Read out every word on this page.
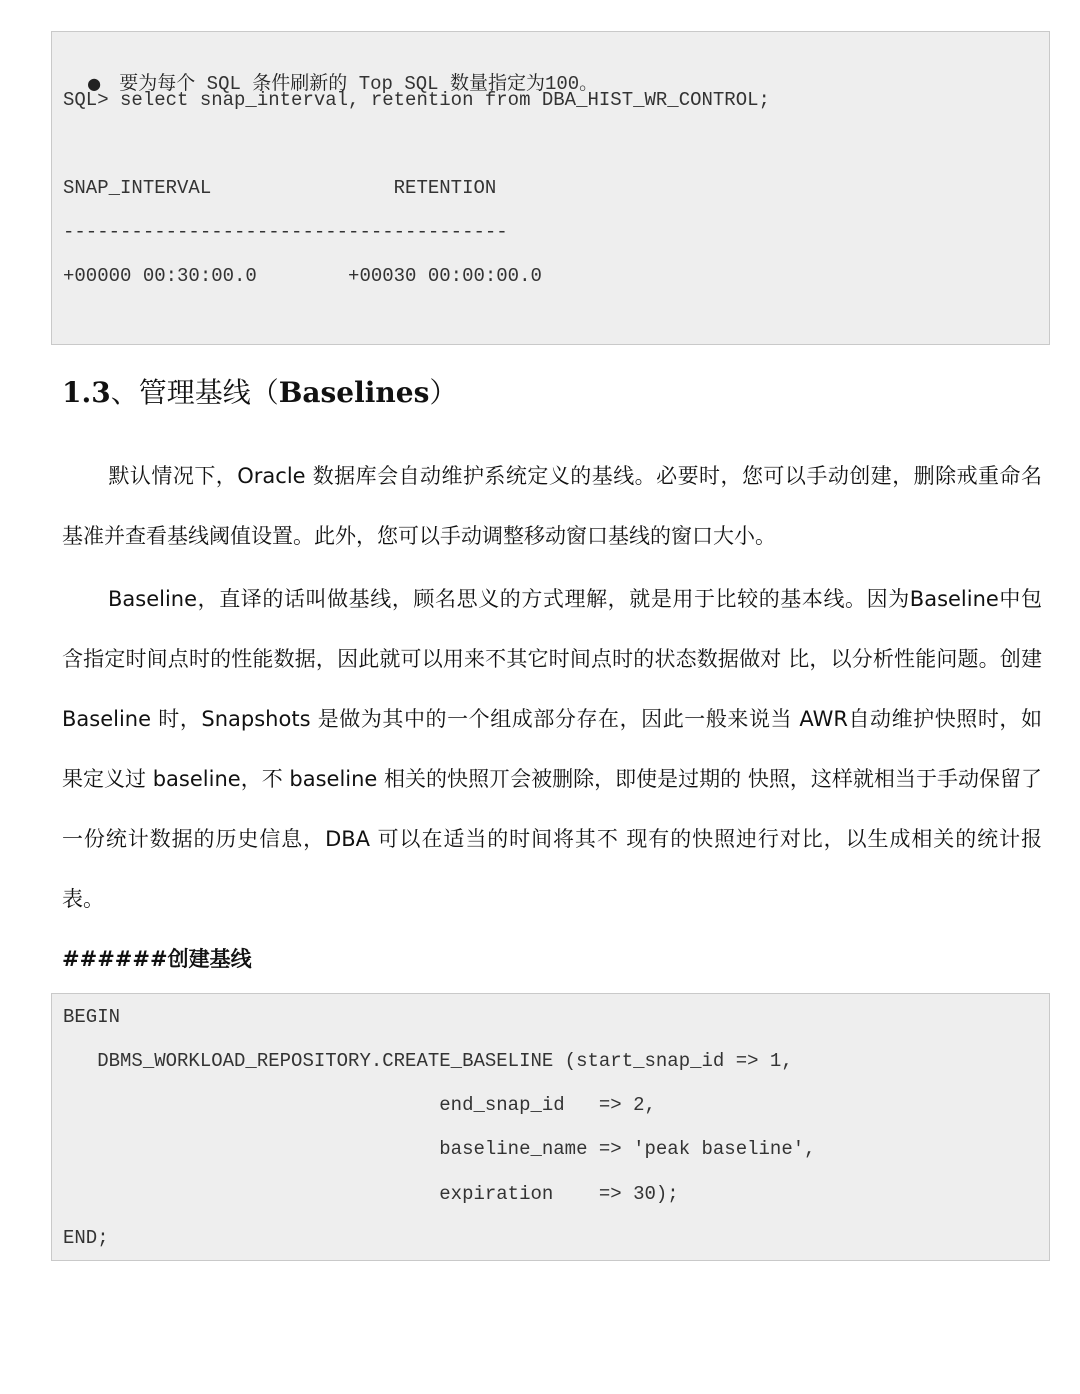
● 要为每个 SQL 条件刷新的 Top SQL 数量指定为100。

SQL> select snap_interval, retention from DBA_HIST_WR_CONTROL;
SNAP_INTERVAL                RETENTION
---------------------------------------
+00000 00:30:00.0        +00030 00:00:00.0
1.3、管理基线（Baselines）
默认情况下，Oracle 数据库会自动维护系统定义的基线。必要时，您可以手动创建，删除戒重命名基准并查看基线阈值设置。此外，您可以手动调整移动窗口基线的窗口大小。
Baseline，直译的话叫做基线，顾名思义的方式理解，就是用于比较的基本线。因为Baseline中包含指定时间点时的性能数据，因此就可以用来不其它时间点时的状态数据做对 比，以分析性能问题。创建 Baseline 时，Snapshots 是做为其中的一个组成部分存在，因此一般来说当 AWR自动维护快照时，如果定义过 baseline，不 baseline 相关的快照丌会被删除，即使是过期的 快照，这样就相当于手动保留了一份统计数据的历史信息，DBA 可以在适当的时间将其不 现有的快照迚行对比，以生成相关的统计报表。
######创建基线
BEGIN
DBMS_WORKLOAD_REPOSITORY.CREATE_BASELINE (start_snap_id => 1,
end_snap_id   => 2,
baseline_name => 'peak baseline',
expiration    => 30);
END;
